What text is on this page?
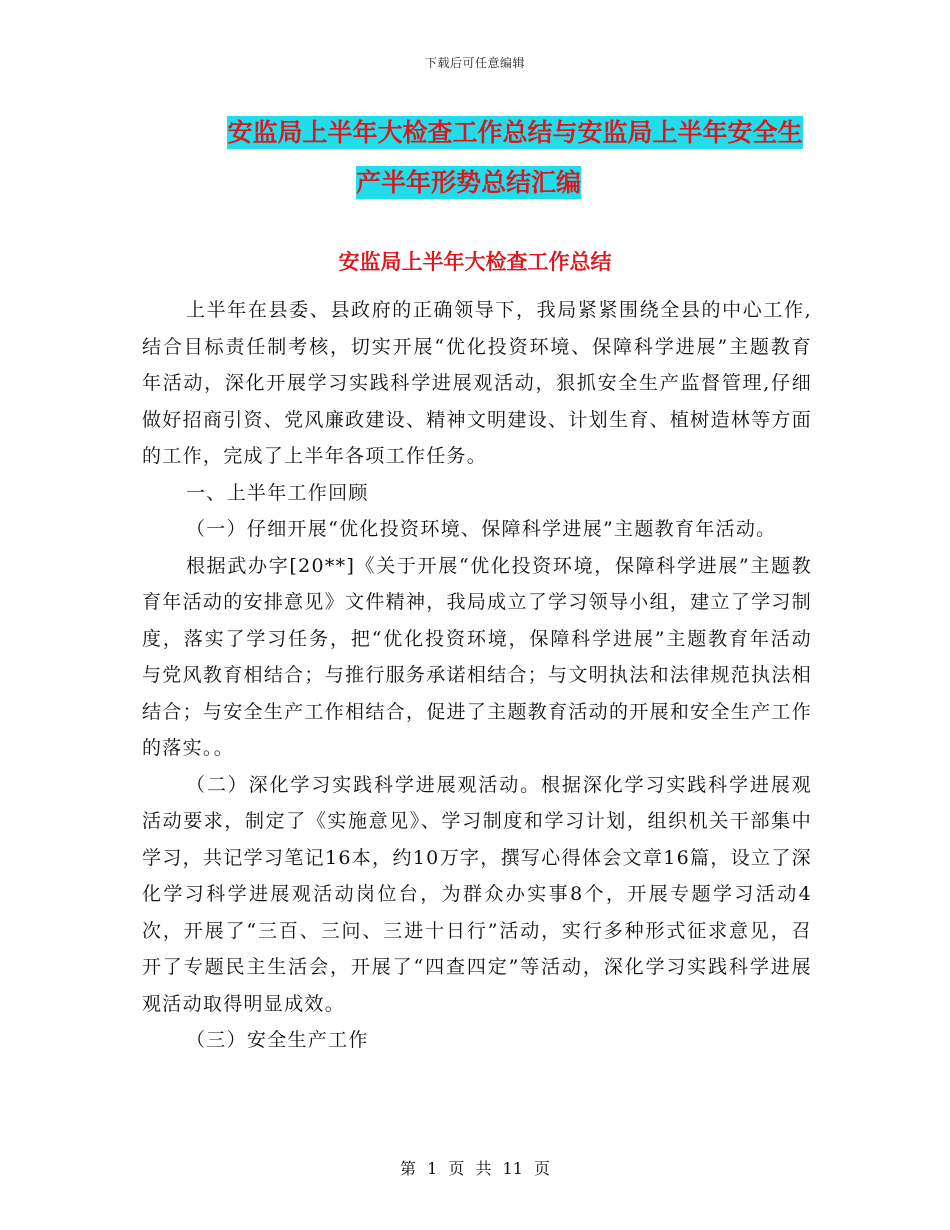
下载后可任意编辑
安监局上半年大检查工作总结与安监局上半年安全生
产半年形势总结汇编
安监局上半年大检查工作总结

上半年在县委、县政府的正确领导下，我局紧紧围绕全县的中心工作,结合目标责任制考核，切实开展“优化投资环境、保障科学进展”主题教育年活动，深化开展学习实践科学进展观活动，狠抓安全生产监督管理,仔细做好招商引资、党风廉政建设、精神文明建设、计划生育、植树造林等方面的工作，完成了上半年各项工作任务。

一、上半年工作回顾

（一）仔细开展“优化投资环境、保障科学进展”主题教育年活动。

根据武办字[20**]《关于开展“优化投资环境，保障科学进展”主题教育年活动的安排意见》文件精神，我局成立了学习领导小组，建立了学习制度，落实了学习任务，把“优化投资环境，保障科学进展”主题教育年活动与党风教育相结合；与推行服务承诺相结合；与文明执法和法律规范执法相结合；与安全生产工作相结合，促进了主题教育活动的开展和安全生产工作的落实。。

（二）深化学习实践科学进展观活动。根据深化学习实践科学进展观活动要求，制定了《实施意见》、学习制度和学习计划，组织机关干部集中学习，共记学习笔记16本，约10万字，撰写心得体会文章16篇，设立了深化学习科学进展观活动岗位台，为群众办实事8个，开展专题学习活动4次，开展了“三百、三问、三进十日行”活动，实行多种形式征求意见，召开了专题民主生活会，开展了“四查四定”等活动，深化学习实践科学进展观活动取得明显成效。

（三）安全生产工作

第 1 页 共 11 页
